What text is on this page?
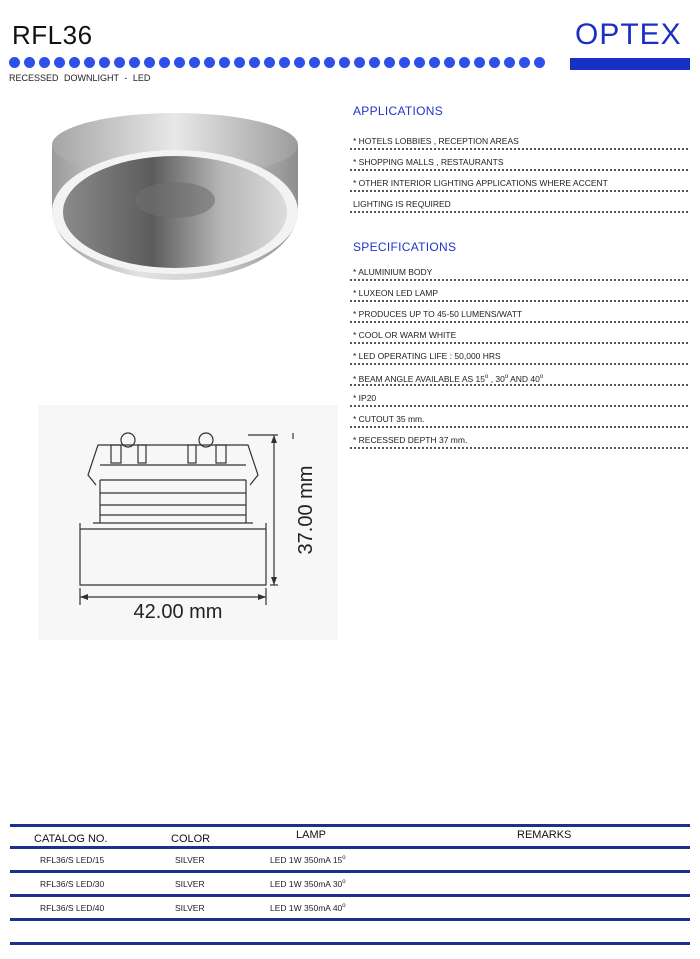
RFL36	OPTEX
RECESSED DOWNLIGHT - LED
42.00 mm
37.00 mm
APPLICATIONS
* HOTELS LOBBIES , RECEPTION AREAS
* SHOPPING MALLS , RESTAURANTS
* OTHER INTERIOR LIGHTING APPLICATIONS WHERE ACCENT
LIGHTING IS REQUIRED
SPECIFICATIONS
* ALUMINIUM BODY
* LUXEON LED LAMP
* PRODUCES UP TO 45-50 LUMENS/WATT
* COOL OR WARM WHITE
* LED OPERATING LIFE : 50,000 HRS
* BEAM ANGLE AVAILABLE AS 15$^o$ , 30$^o$ AND 40$^o$
* IP20
* CUTOUT 35 mm.
* RECESSED DEPTH 37 mm.
CATALOG NO.	COLOR	LAMP	REMARKS
RFL36/S LED/15	SILVER	LED 1W 350mA 15$^o$
RFL36/S LED/30	SILVER	LED 1W 350mA 30$^o$
RFL36/S LED/40	SILVER	LED 1W 350mA 40$^o$
